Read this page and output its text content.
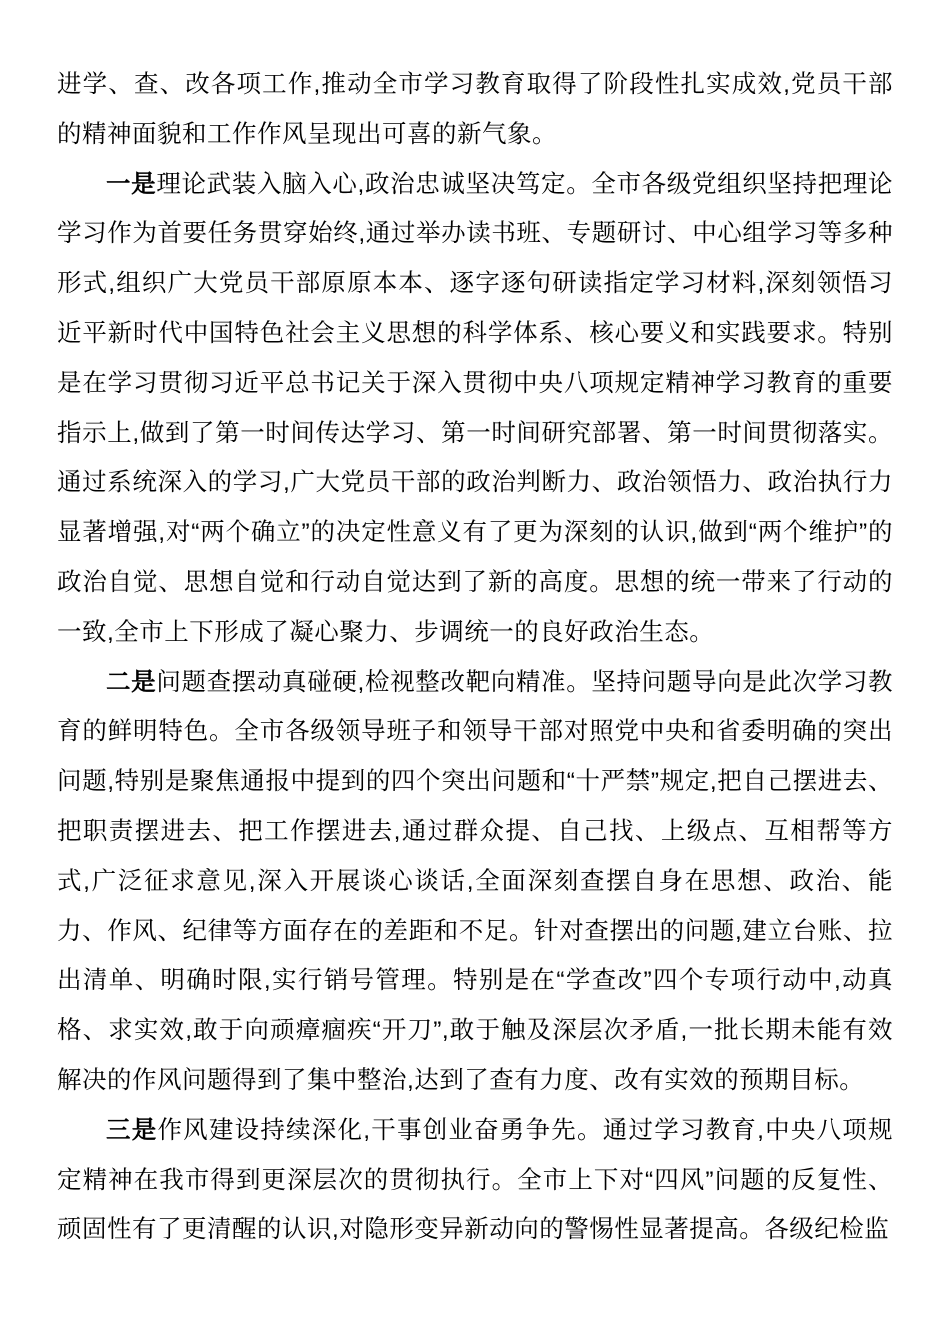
进学、查、改各项工作,推动全市学习教育取得了阶段性扎实成效,党员干部的精神面貌和工作作风呈现出可喜的新气象。

一是理论武装入脑入心,政治忠诚坚决笃定。全市各级党组织坚持把理论学习作为首要任务贯穿始终,通过举办读书班、专题研讨、中心组学习等多种形式,组织广大党员干部原原本本、逐字逐句研读指定学习材料,深刻领悟习近平新时代中国特色社会主义思想的科学体系、核心要义和实践要求。特别是在学习贯彻习近平总书记关于深入贯彻中央八项规定精神学习教育的重要指示上,做到了第一时间传达学习、第一时间研究部署、第一时间贯彻落实。通过系统深入的学习,广大党员干部的政治判断力、政治领悟力、政治执行力显著增强,对“两个确立”的决定性意义有了更为深刻的认识,做到“两个维护”的政治自觉、思想自觉和行动自觉达到了新的高度。思想的统一带来了行动的一致,全市上下形成了凝心聚力、步调统一的良好政治生态。

二是问题查摆动真碰硬,检视整改靶向精准。坚持问题导向是此次学习教育的鲜明特色。全市各级领导班子和领导干部对照党中央和省委明确的突出问题,特别是聚焦通报中提到的四个突出问题和“十严禁”规定,把自己摆进去、把职责摆进去、把工作摆进去,通过群众提、自己找、上级点、互相帮等方式,广泛征求意见,深入开展谈心谈话,全面深刻查摆自身在思想、政治、能力、作风、纪律等方面存在的差距和不足。针对查摆出的问题,建立台账、拉出清单、明确时限,实行销号管理。特别是在“学查改”四个专项行动中,动真格、求实效,敢于向顽瘴痼疾“开刀”,敢于触及深层次矛盾,一批长期未能有效解决的作风问题得到了集中整治,达到了查有力度、改有实效的预期目标。

三是作风建设持续深化,干事创业奋勇争先。通过学习教育,中央八项规定精神在我市得到更深层次的贯彻执行。全市上下对“四风”问题的反复性、顽固性有了更清醒的认识,对隐形变异新动向的警惕性显著提高。各级纪检监
